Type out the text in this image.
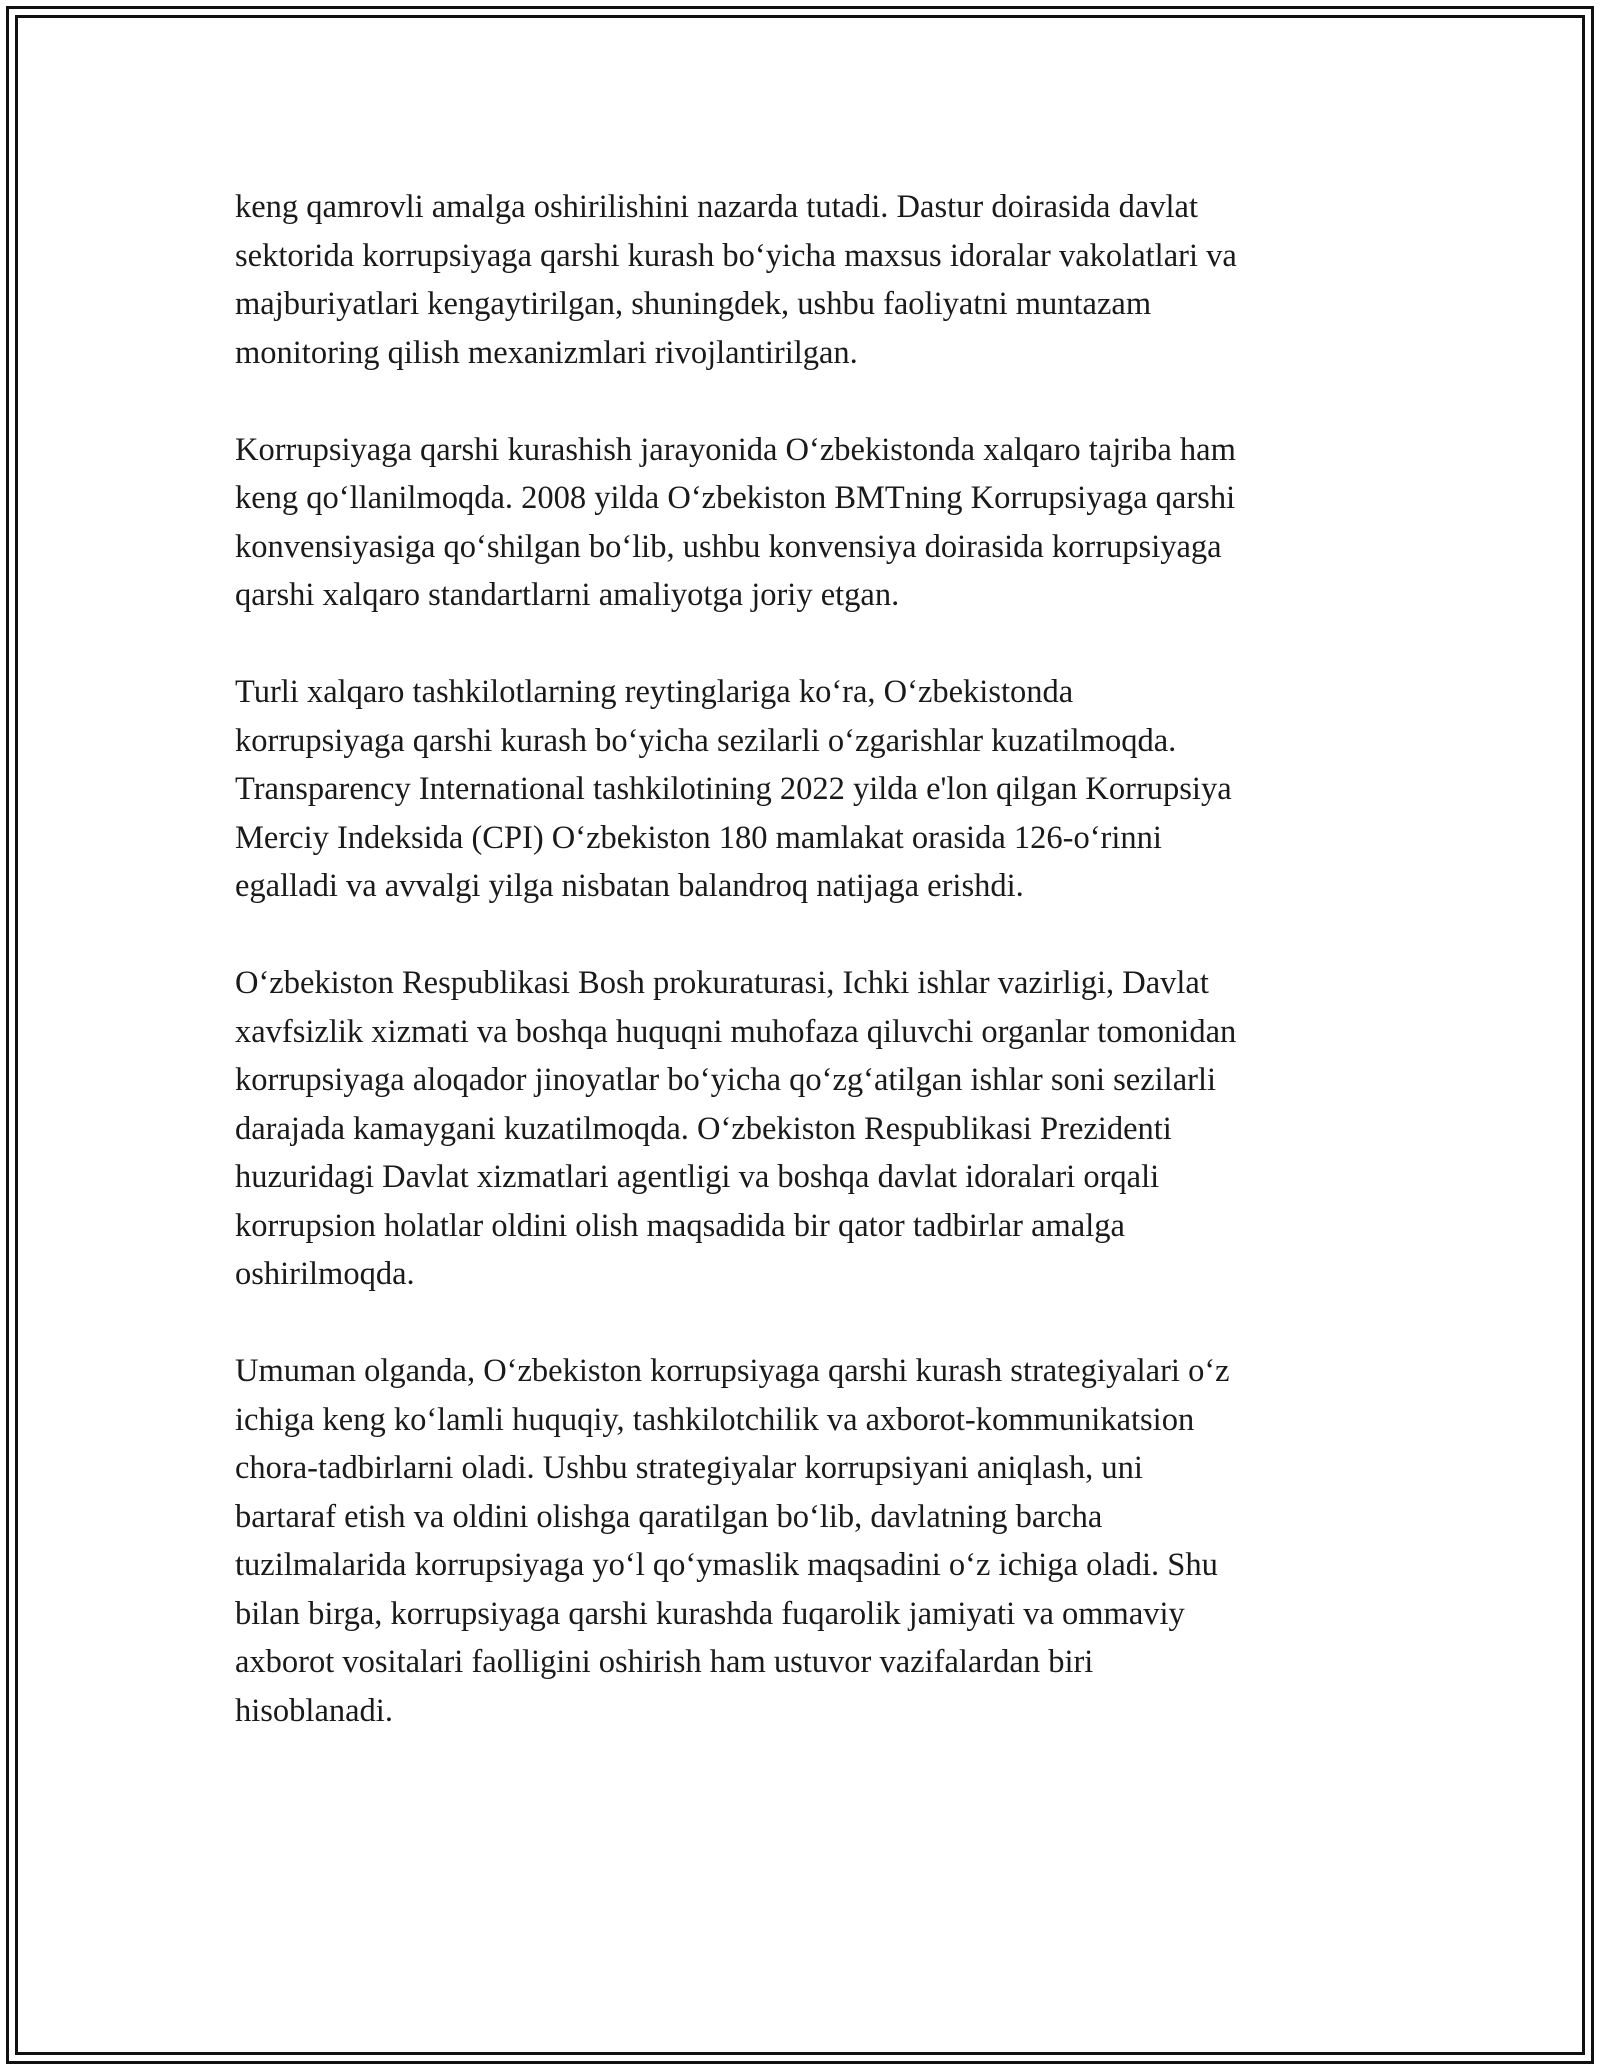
keng qamrovli amalga oshirilishini nazarda tutadi. Dastur doirasida davlat
sektorida korrupsiyaga qarshi kurash bo‘yicha maxsus idoralar vakolatlari va
majburiyatlari kengaytirilgan, shuningdek, ushbu faoliyatni muntazam
monitoring qilish mexanizmlari rivojlantirilgan.

Korrupsiyaga qarshi kurashish jarayonida O‘zbekistonda xalqaro tajriba ham
keng qo‘llanilmoqda. 2008 yilda O‘zbekiston BMTning Korrupsiyaga qarshi
konvensiyasiga qo‘shilgan bo‘lib, ushbu konvensiya doirasida korrupsiyaga
qarshi xalqaro standartlarni amaliyotga joriy etgan.

Turli xalqaro tashkilotlarning reytinglariga ko‘ra, O‘zbekistonda
korrupsiyaga qarshi kurash bo‘yicha sezilarli o‘zgarishlar kuzatilmoqda.
Transparency International tashkilotining 2022 yilda e'lon qilgan Korrupsiya
Merciy Indeksida (CPI) O‘zbekiston 180 mamlakat orasida 126-o‘rinni
egalladi va avvalgi yilga nisbatan balandroq natijaga erishdi.

O‘zbekiston Respublikasi Bosh prokuraturasi, Ichki ishlar vazirligi, Davlat
xavfsizlik xizmati va boshqa huquqni muhofaza qiluvchi organlar tomonidan
korrupsiyaga aloqador jinoyatlar bo‘yicha qo‘zg‘atilgan ishlar soni sezilarli
darajada kamaygani kuzatilmoqda. O‘zbekiston Respublikasi Prezidenti
huzuridagi Davlat xizmatlari agentligi va boshqa davlat idoralari orqali
korrupsion holatlar oldini olish maqsadida bir qator tadbirlar amalga
oshirilmoqda.

Umuman olganda, O‘zbekiston korrupsiyaga qarshi kurash strategiyalari o‘z
ichiga keng ko‘lamli huquqiy, tashkilotchilik va axborot-kommunikatsion
chora-tadbirlarni oladi. Ushbu strategiyalar korrupsiyani aniqlash, uni
bartaraf etish va oldini olishga qaratilgan bo‘lib, davlatning barcha
tuzilmalarida korrupsiyaga yo‘l qo‘ymaslik maqsadini o‘z ichiga oladi. Shu
bilan birga, korrupsiyaga qarshi kurashda fuqarolik jamiyati va ommaviy
axborot vositalari faolligini oshirish ham ustuvor vazifalardan biri
hisoblanadi.
